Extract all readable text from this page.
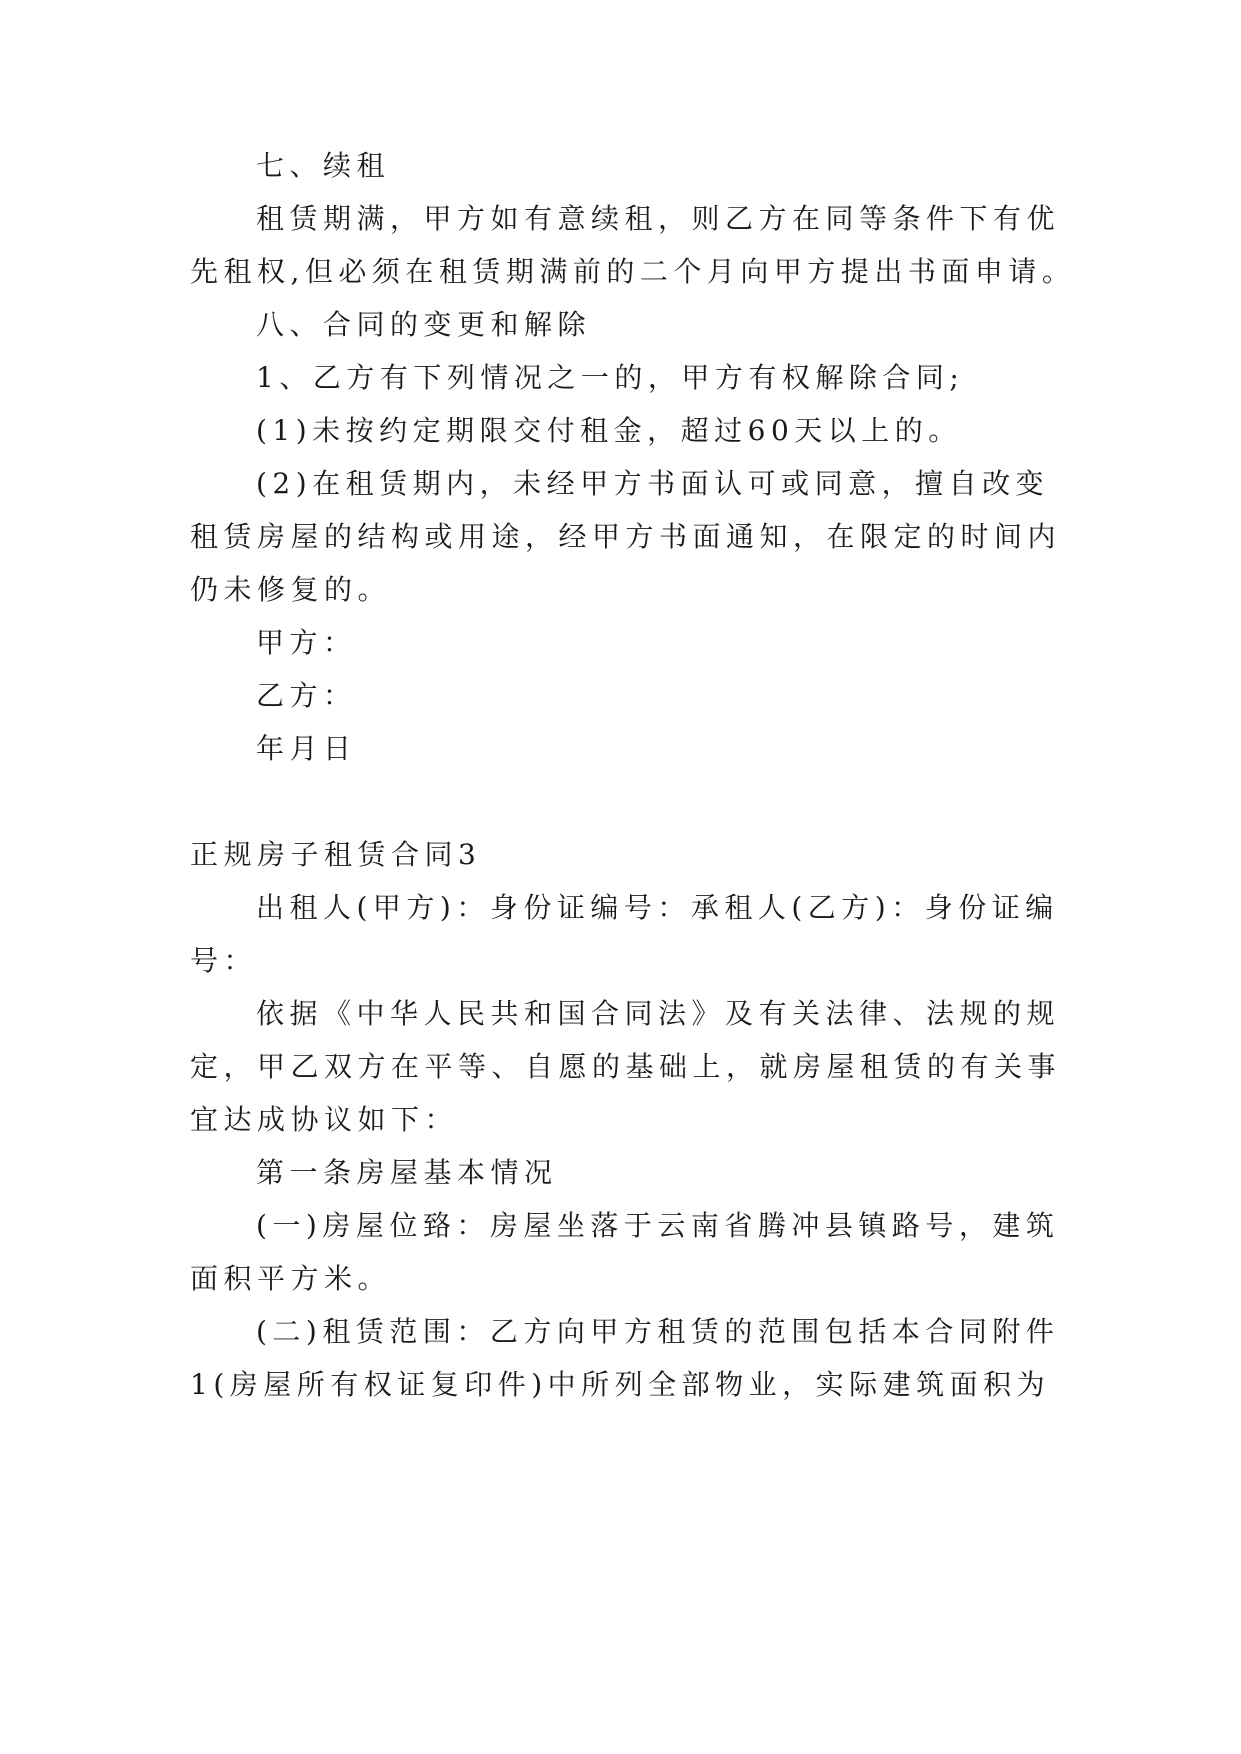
七、续租
租赁期满，甲方如有意续租，则乙方在同等条件下有优
先租权,但必须在租赁期满前的二个月向甲方提出书面申请。
八、合同的变更和解除
1、乙方有下列情况之一的，甲方有权解除合同;
(1)未按约定期限交付租金，超过60天以上的。
(2)在租赁期内，未经甲方书面认可或同意，擅自改变
租赁房屋的结构或用途，经甲方书面通知，在限定的时间内
仍未修复的。
甲方：
乙方：
年月日
正规房子租赁合同3
出租人(甲方)：身份证编号：承租人(乙方)：身份证编
号：
依据《中华人民共和国合同法》及有关法律、法规的规
定，甲乙双方在平等、自愿的基础上，就房屋租赁的有关事
宜达成协议如下：
第一条房屋基本情况
(一)房屋位臵：房屋坐落于云南省腾冲县镇路号，建筑
面积平方米。
(二)租赁范围：乙方向甲方租赁的范围包括本合同附件
1(房屋所有权证复印件)中所列全部物业，实际建筑面积为
